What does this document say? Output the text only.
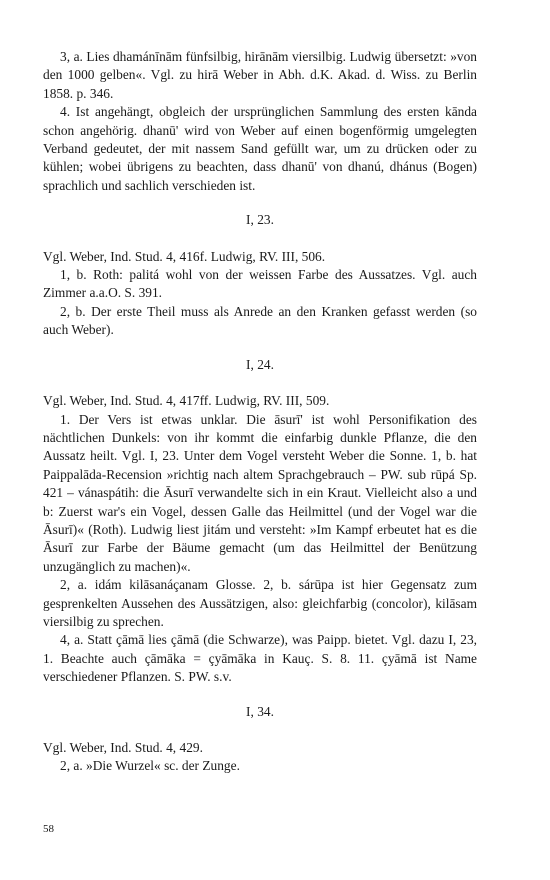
3, a. Lies dhamánīnām fünfsilbig, hirānām viersilbig. Ludwig übersetzt: »von den 1000 gelben«. Vgl. zu hirā Weber in Abh. d.K. Akad. d. Wiss. zu Berlin 1858. p. 346.

4. Ist angehängt, obgleich der ursprünglichen Sammlung des ersten kānda schon angehörig. dhanū' wird von Weber auf einen bogenförmig umgelegten Verband gedeutet, der mit nassem Sand gefüllt war, um zu drücken oder zu kühlen; wobei übrigens zu beachten, dass dhanū' von dhanú, dhánus (Bogen) sprachlich und sachlich verschieden ist.

I, 23.

Vgl. Weber, Ind. Stud. 4, 416f. Ludwig, RV. III, 506.

1, b. Roth: palitá wohl von der weissen Farbe des Aussatzes. Vgl. auch Zimmer a.a.O. S. 391.

2, b. Der erste Theil muss als Anrede an den Kranken gefasst werden (so auch Weber).

I, 24.

Vgl. Weber, Ind. Stud. 4, 417ff. Ludwig, RV. III, 509.

1. Der Vers ist etwas unklar. Die āsurī' ist wohl Personifikation des nächtlichen Dunkels: von ihr kommt die einfarbig dunkle Pflanze, die den Aussatz heilt. Vgl. I, 23. Unter dem Vogel versteht Weber die Sonne. 1, b. hat Paippalāda-Recension »richtig nach altem Sprachgebrauch – PW. sub rūpá Sp. 421 – vánaspátih: die Āsurī verwandelte sich in ein Kraut. Vielleicht also a und b: Zuerst war's ein Vogel, dessen Galle das Heilmittel (und der Vogel war die Āsurī)« (Roth). Ludwig liest jitám und versteht: »Im Kampf erbeutet hat es die Āsurī zur Farbe der Bäume gemacht (um das Heilmittel der Benützung unzugänglich zu machen)«.

2, a. idám kilāsanáçanam Glosse. 2, b. sárūpa ist hier Gegensatz zum gesprenkelten Aussehen des Aussätzigen, also: gleichfarbig (concolor), kilāsam viersilbig zu sprechen.

4, a. Statt çāmā lies çāmā (die Schwarze), was Paipp. bietet. Vgl. dazu I, 23, 1. Beachte auch çāmāka = çyāmāka in Kauç. S. 8. 11. çyāmā ist Name verschiedener Pflanzen. S. PW. s.v.

I, 34.

Vgl. Weber, Ind. Stud. 4, 429.

2, a. »Die Wurzel« sc. der Zunge.

58
